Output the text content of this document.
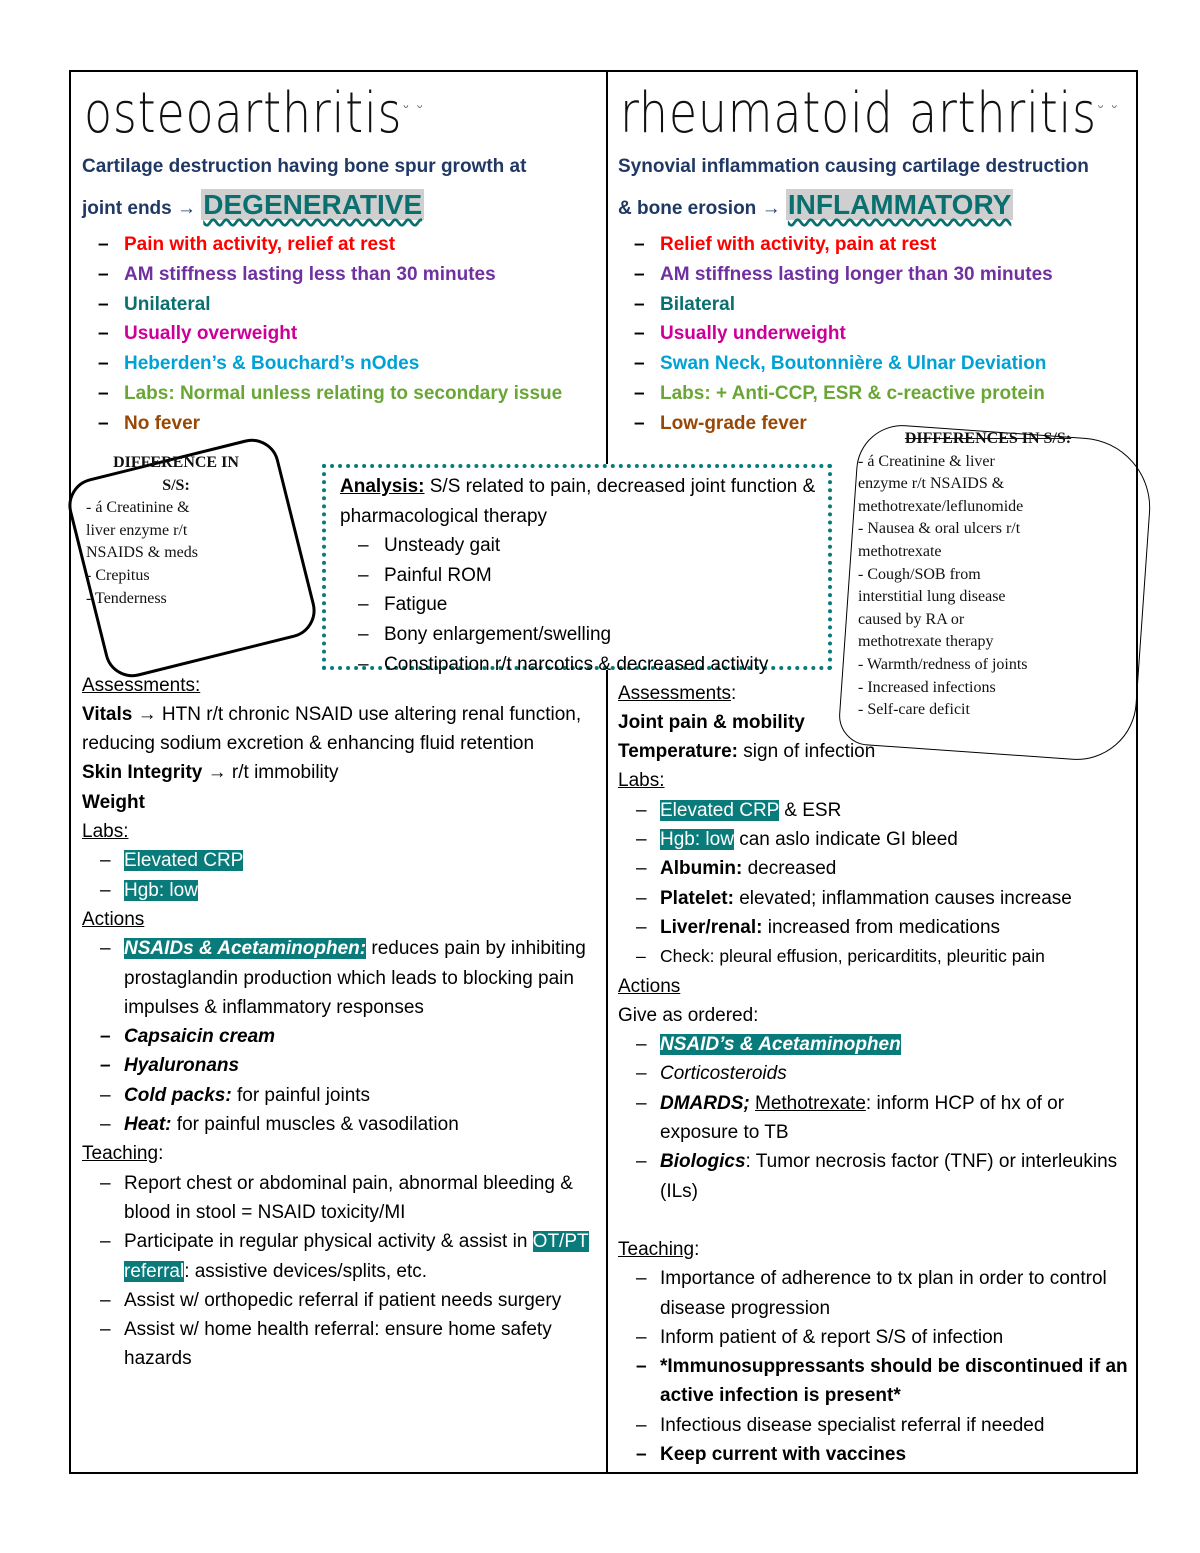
osteoarthritis˘ ˘
Cartilage destruction having bone spur growth at
joint ends → DEGENERATIVE
– Pain with activity, relief at rest
– AM stiffness lasting less than 30 minutes
– Unilateral
– Usually overweight
– Heberden’s & Bouchard’s nOdes
– Labs: Normal unless relating to secondary issue
– No fever
Assessments:
Vitals → HTN r/t chronic NSAID use altering renal function, reducing sodium excretion & enhancing fluid retention
Skin Integrity → r/t immobility
Weight
Labs:
– Elevated CRP
– Hgb: low
Actions
– NSAIDs & Acetaminophen: reduces pain by inhibiting prostaglandin production which leads to blocking pain impulses & inflammatory responses
– Capsaicin cream
– Hyaluronans
– Cold packs: for painful joints
– Heat: for painful muscles & vasodilation
Teaching:
– Report chest or abdominal pain, abnormal bleeding & blood in stool = NSAID toxicity/MI
– Participate in regular physical activity & assist in OT/PT referral: assistive devices/splits, etc.
– Assist w/ orthopedic referral if patient needs surgery
– Assist w/ home health referral: ensure home safety hazards
rheumatoid arthritis˘ ˘
Synovial inflammation causing cartilage destruction
& bone erosion → INFLAMMATORY
– Relief with activity, pain at rest
– AM stiffness lasting longer than 30 minutes
– Bilateral
– Usually underweight
– Swan Neck, Boutonnière & Ulnar Deviation
– Labs: + Anti-CCP, ESR & c-reactive protein
– Low-grade fever
Assessments:
Joint pain & mobility
Temperature: sign of infection
Labs:
– Elevated CRP & ESR
– Hgb: low can aslo indicate GI bleed
– Albumin: decreased
– Platelet: elevated; inflammation causes increase
– Liver/renal: increased from medications
– Check: pleural effusion, pericarditits, pleuritic pain
Actions
Give as ordered:
– NSAID’s & Acetaminophen
– Corticosteroids
– DMARDS; Methotrexate: inform HCP of hx of or exposure to TB
– Biologics: Tumor necrosis factor (TNF) or interleukins (ILs)
Teaching:
– Importance of adherence to tx plan in order to control disease progression
– Inform patient of & report S/S of infection
– *Immunosuppressants should be discontinued if an active infection is present*
– Infectious disease specialist referral if needed
– Keep current with vaccines
DIFFERENCE IN
S/S:
- á Creatinine &
liver enzyme r/t
NSAIDS & meds
- Crepitus
- Tenderness
Analysis: S/S related to pain, decreased joint function & pharmacological therapy
– Unsteady gait
– Painful ROM
– Fatigue
– Bony enlargement/swelling
– Constipation r/t narcotics & decreased activity
DIFFERENCES IN S/S:
- á Creatinine & liver
enzyme r/t NSAIDS &
methotrexate/leflunomide
- Nausea & oral ulcers r/t
methotrexate
- Cough/SOB from
interstitial lung disease
caused by RA or
methotrexate therapy
- Warmth/redness of joints
- Increased infections
- Self-care deficit
